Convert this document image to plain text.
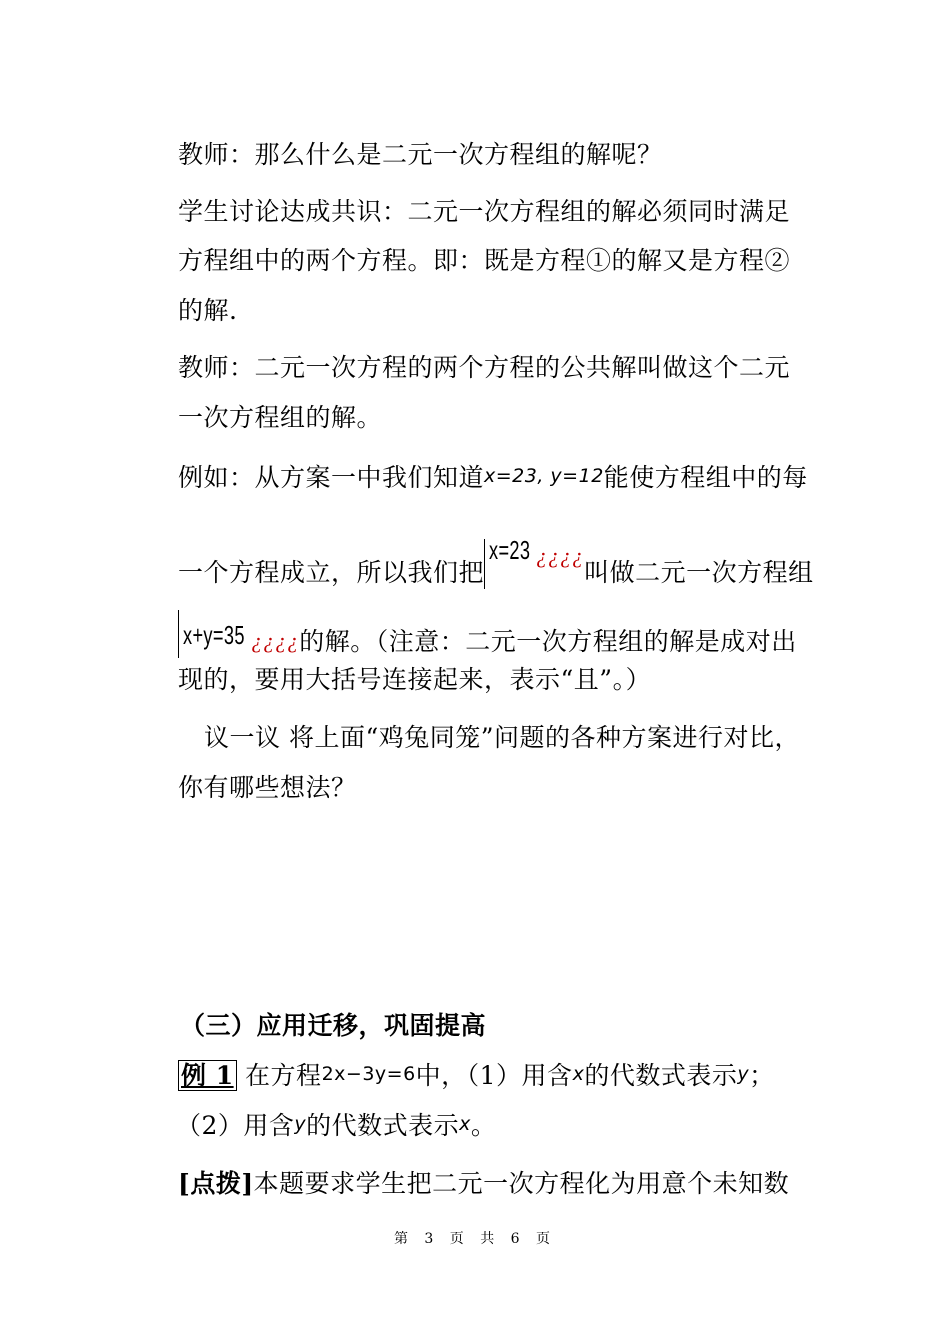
教师：那么什么是二元一次方程组的解呢？
学生讨论达成共识：二元一次方程组的解必须同时满足
方程组中的两个方程。即：既是方程①的解又是方程②
的解.
教师：二元一次方程的两个方程的公共解叫做这个二元
一次方程组的解。
例如：从方案一中我们知道x=23, y=12能使方程组中的每
一个方程成立，所以我们把x=23 ¿¿¿¿叫做二元一次方程组
x+y=35 ¿¿¿¿的解。（注意：二元一次方程组的解是成对出
现的，要用大括号连接起来，表示“且”。）
议一议 将上面“鸡兔同笼”问题的各种方案进行对比，
你有哪些想法？
（三）应用迁移，巩固提高
例 1 在方程2x−3y=6中，（1）用含x的代数式表示y；
（2）用含y的代数式表示x。
[点拨]本题要求学生把二元一次方程化为用意个未知数
第 3 页 共 6 页
